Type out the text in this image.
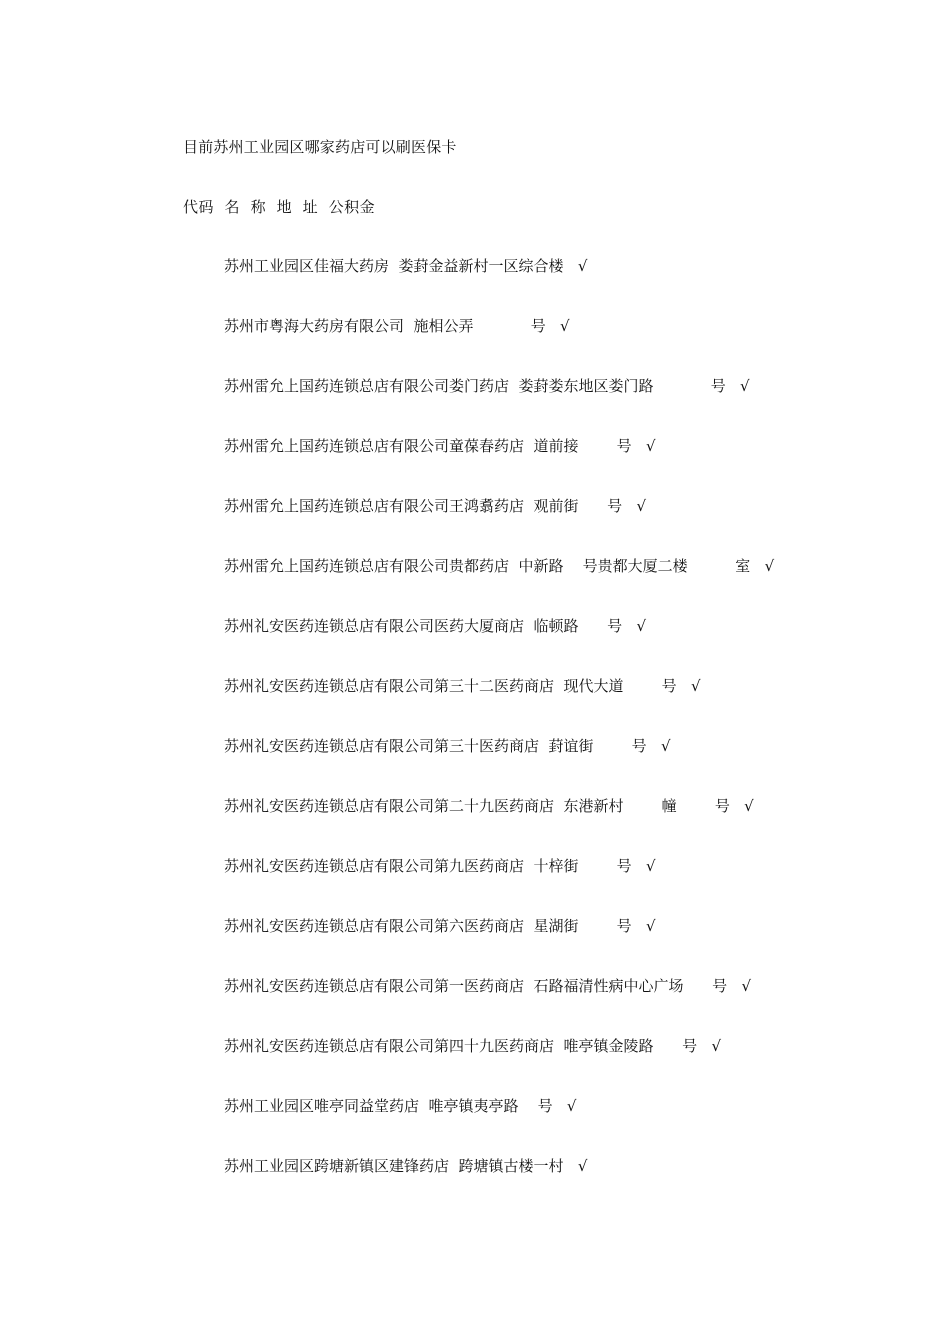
目前苏州工业园区哪家药店可以刷医保卡
代码  名  称  地  址  公积金
苏州工业园区佳福大药房  娄葑金益新村一区综合楼   √
苏州市粤海大药房有限公司  施相公弄            号   √
苏州雷允上国药连锁总店有限公司娄门药店  娄葑娄东地区娄门路            号   √
苏州雷允上国药连锁总店有限公司童葆春药店  道前接        号   √
苏州雷允上国药连锁总店有限公司王鸿翥药店  观前街      号   √
苏州雷允上国药连锁总店有限公司贵都药店  中新路    号贵都大厦二楼          室   √
苏州礼安医药连锁总店有限公司医药大厦商店  临顿路      号   √
苏州礼安医药连锁总店有限公司第三十二医药商店  现代大道        号   √
苏州礼安医药连锁总店有限公司第三十医药商店  葑谊街        号   √
苏州礼安医药连锁总店有限公司第二十九医药商店  东港新村        幢        号   √
苏州礼安医药连锁总店有限公司第九医药商店  十梓街        号   √
苏州礼安医药连锁总店有限公司第六医药商店  星湖街        号   √
苏州礼安医药连锁总店有限公司第一医药商店  石路福清性病中心广场      号   √
苏州礼安医药连锁总店有限公司第四十九医药商店  唯亭镇金陵路      号   √
苏州工业园区唯亭同益堂药店  唯亭镇夷亭路    号   √
苏州工业园区跨塘新镇区建锋药店  跨塘镇古楼一村   √
